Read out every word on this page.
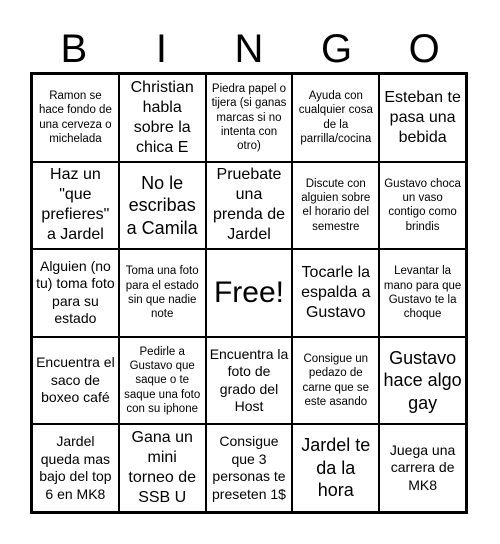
B	I	N	G	O
Ramon se hace fondo de una cerveza o michelada
Christian habla sobre la chica E
Piedra papel o tijera (si ganas marcas si no intenta con otro)
Ayuda con cualquier cosa de la parrilla/cocina
Esteban te pasa una bebida
Haz un "que prefieres" a Jardel
No le escribas a Camila
Pruebate una prenda de Jardel
Discute con alguien sobre el horario del semestre
Gustavo choca un vaso contigo como brindis
Alguien (no tu) toma foto para su estado
Toma una foto para el estado sin que nadie note
Free!
Tocarle la espalda a Gustavo
Levantar la mano para que Gustavo te la choque
Encuentra el saco de boxeo café
Pedirle a Gustavo que saque o te saque una foto con su iphone
Encuentra la foto de grado del Host
Consigue un pedazo de carne que se este asando
Gustavo hace algo gay
Jardel queda mas bajo del top 6 en MK8
Gana un mini torneo de SSB U
Consigue que 3 personas te preseten 1$
Jardel te da la hora
Juega una carrera de MK8
